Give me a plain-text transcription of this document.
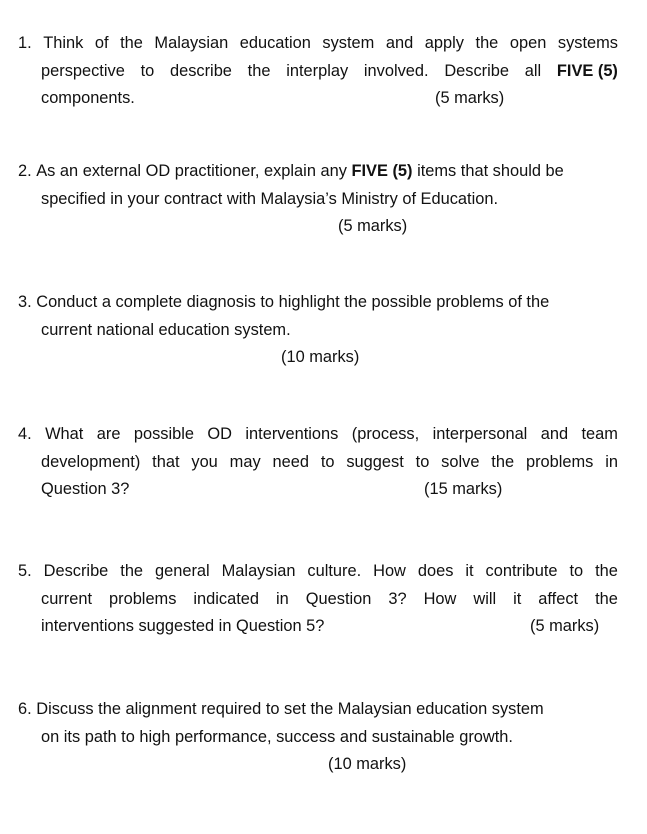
1. Think of the Malaysian education system and apply the open systems
perspective to describe the interplay involved. Describe all FIVE (5)
components.	(5 marks)
2.
As an external OD practitioner, explain any
FIVE (5)
items that should be
specified in your contract with Malaysia’s Ministry of Education.
(5 marks)
3.
Conduct a complete diagnosis to highlight the possible problems of the
current national education system.
(10 marks)
4. What are possible OD interventions (process, interpersonal and team
development) that you may need to suggest to solve the problems in
Question 3?	(15 marks)
5. Describe the general Malaysian culture. How does it contribute to the
current problems indicated in Question 3? How will it affect the
interventions suggested in Question 5?	(5 marks)
6.
Discuss the alignment required to set the Malaysian education system
on its path to high performance, success and sustainable growth.
(10 marks)
